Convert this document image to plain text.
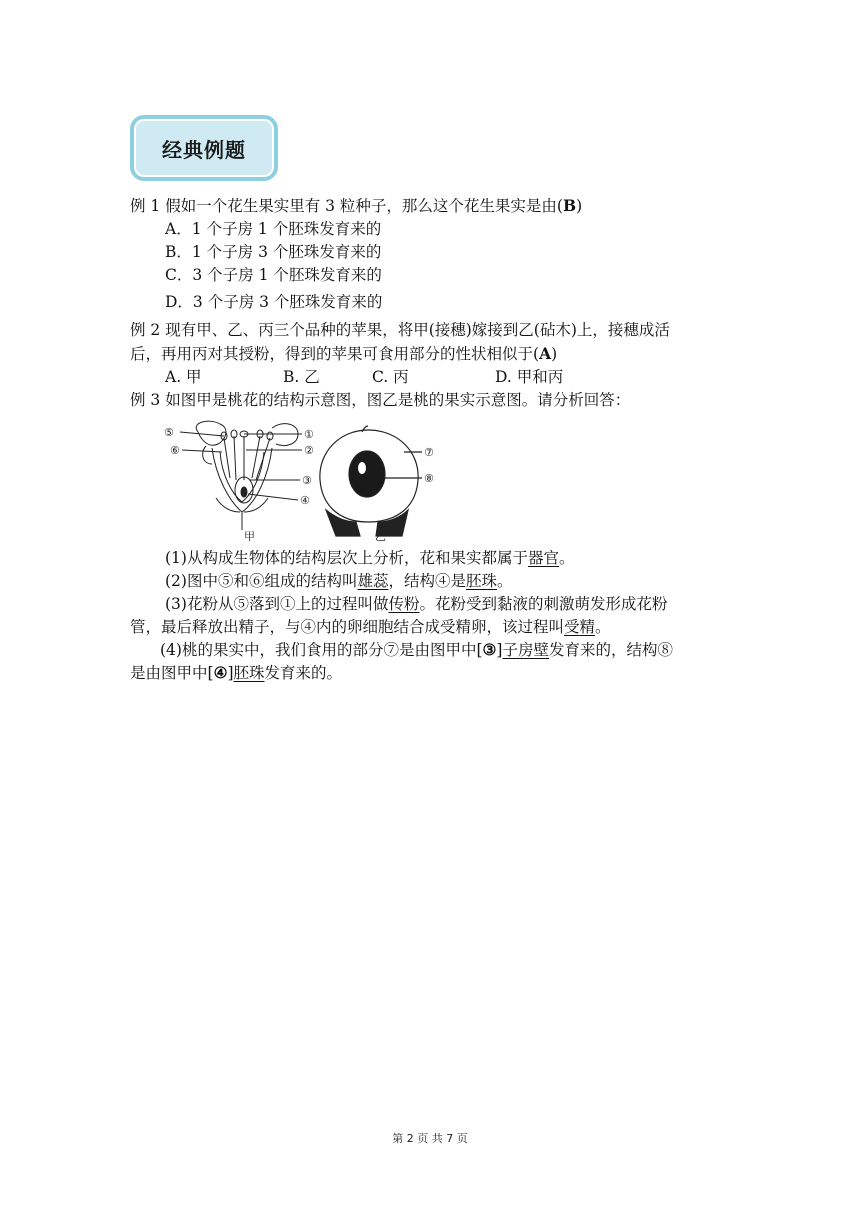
经典例题
例 1 假如一个花生果实里有 3 粒种子，那么这个花生果实是由(B)
A．1 个子房 1 个胚珠发育来的
B．1 个子房 3 个胚珠发育来的
C．3 个子房 1 个胚珠发育来的
D．3 个子房 3 个胚珠发育来的
例 2 现有甲、乙、丙三个品种的苹果，将甲(接穗)嫁接到乙(砧木)上，接穗成活
后，再用丙对其授粉，得到的苹果可食用部分的性状相似于(A)
A. 甲	B. 乙	C. 丙	D. 甲和丙
例 3 如图甲是桃花的结构示意图，图乙是桃的果实示意图。请分析回答：
⑤
⑥
①
②
③
④
甲
⑦
⑧
乙
(1)从构成生物体的结构层次上分析，花和果实都属于器官。
(2)图中⑤和⑥组成的结构叫雄蕊，结构④是胚珠。
(3)花粉从⑤落到①上的过程叫做传粉。花粉受到黏液的刺激萌发形成花粉
管，最后释放出精子，与④内的卵细胞结合成受精卵，该过程叫受精。
(4)桃的果实中，我们食用的部分⑦是由图甲中[③]子房壁发育来的，结构⑧
是由图甲中[④]胚珠发育来的。
第 2 页 共 7 页
